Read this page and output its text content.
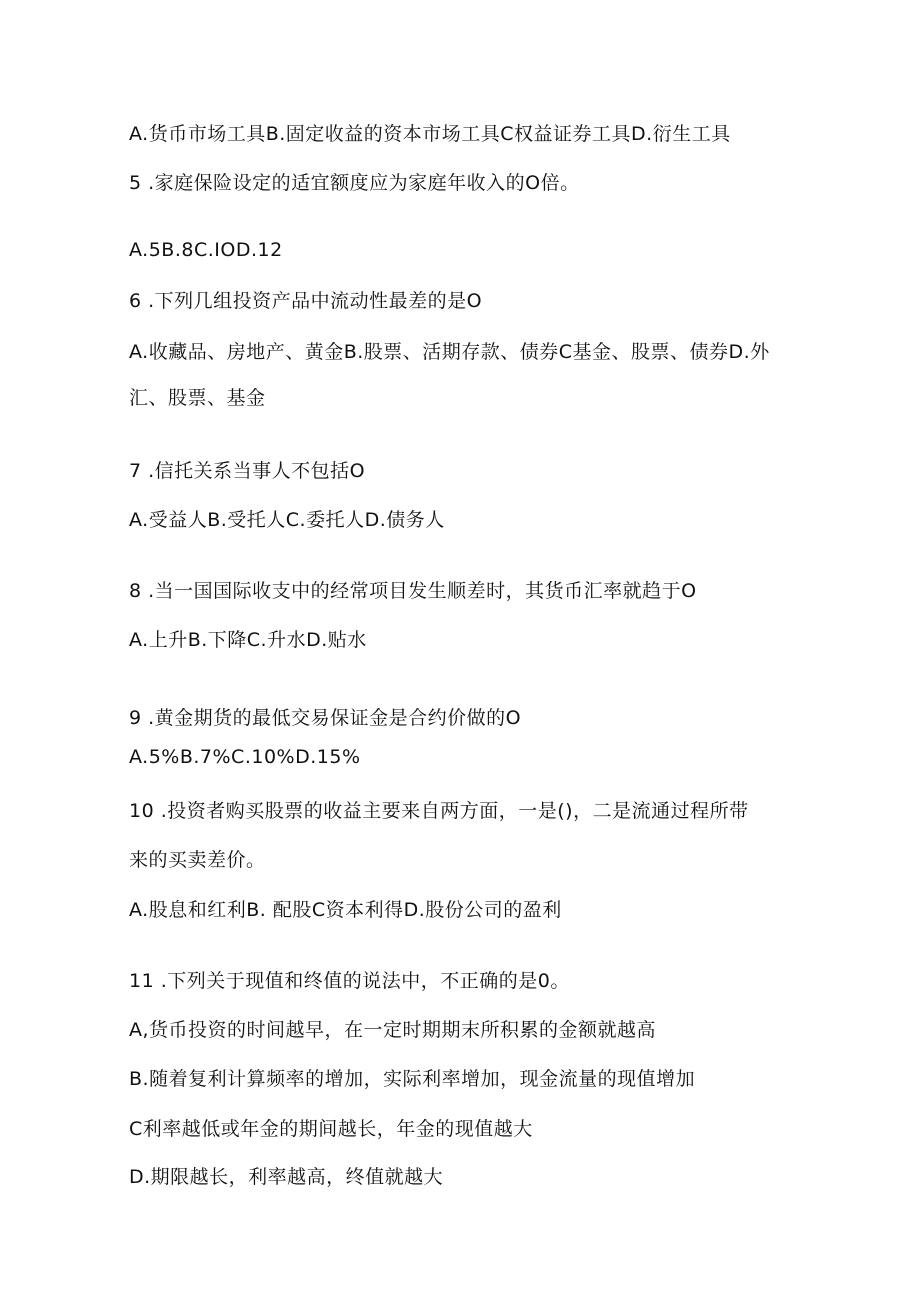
A.货币市场工具B.固定收益的资本市场工具C权益证券工具D.衍生工具
5 .家庭保险设定的适宜额度应为家庭年收入的O倍。
A.5B.8C.IOD.12
6 .下列几组投资产品中流动性最差的是O
A.收藏品、房地产、黄金B.股票、活期存款、债券C基金、股票、债券D.外
汇、股票、基金
7 .信托关系当事人不包括O
A.受益人B.受托人C.委托人D.债务人
8 .当一国国际收支中的经常项目发生顺差时，其货币汇率就趋于O
A.上升B.下降C.升水D.贴水
9 .黄金期货的最低交易保证金是合约价做的O
A.5%B.7%C.10%D.15%
10 .投资者购买股票的收益主要来自两方面，一是()，二是流通过程所带
来的买卖差价。
A.股息和红利B. 配股C资本利得D.股份公司的盈利
11 .下列关于现值和终值的说法中，不正确的是0。
A,货币投资的时间越早，在一定时期期末所积累的金额就越高
B.随着复利计算频率的增加，实际利率增加，现金流量的现值增加
C利率越低或年金的期间越长，年金的现值越大
D.期限越长，利率越高，终值就越大
